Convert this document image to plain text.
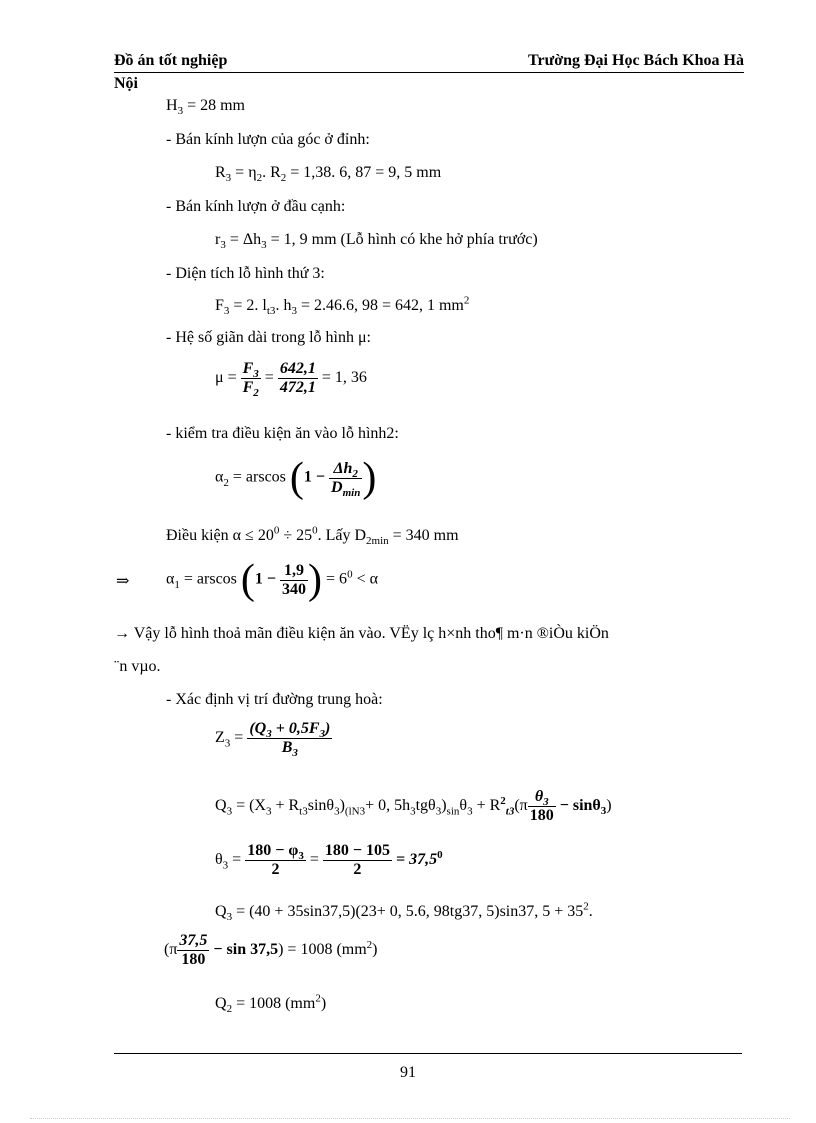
Đồ án tốt nghiệp	Trường Đại Học Bách Khoa Hà
Nội
$H_3 = 28$ mm
- Bán kính lượn của góc ở đỉnh:
$R_3 = \eta_2$. $R_2 = 1,38$. 6, 87 = 9, 5 mm
- Bán kính lượn ở đầu cạnh:
$r_3 = \Delta h_3 = 1$, 9 mm (Lỗ hình có khe hở phía trước)
- Diện tích lỗ hình thứ 3:
$F_3 = 2$. $l_{t3}$. $h_3 = 2.46.6$, 98 = 642, 1 $mm^2$
- Hệ số giãn dài trong lỗ hình μ:
$\mu = \frac{F_3}{F_2} = \frac{642,1}{472,1} = 1$, 36
- kiểm tra điều kiện ăn vào lỗ hình2:
$\alpha_2 = arscos$ ($1 - \frac{\Delta h_2}{D_{min}}$ )
Điều kiện $\alpha \le 20^0 \div 25^0$. Lấy $D_{2min} = 340$ mm
⇒ $\alpha_1 = arscos$ ($1 - \frac{1,9}{340}$ ) = $6^0 < \alpha$
→ Vậy lỗ hình thoả mãn điều kiện ăn vào. VËy lç h×nh tho¶ m·n ®iÒu kiÖn
¨n vµo.
- Xác định vị trí đường trung hoà:
$Z_3 = \frac{(Q_3 + 0,5F_3)}{B_3}$
$Q_3 = (X_3 + R_{t3}\sin\theta_3)_{(lN3}+ 0$, $5h_3tg\theta_3)_{sin}\theta_3 + R^2_{t3}(\pi \frac{\theta_3}{180} - \sin\theta_3)$
$\theta_3 = \frac{180 - \varphi_3}{2} = \frac{180 - 105}{2} = 37,5^0$
$Q_3 = (40 + 35\sin 37,5)(23+ 0$, 5.6, 98tg37, 5)sin37, $5 + 35^2$.
$(\pi \frac{37,5}{180} - \sin 37,5) = 1008$ $(mm^2)$
$Q_2 = 1008$ $(mm^2)$
91
